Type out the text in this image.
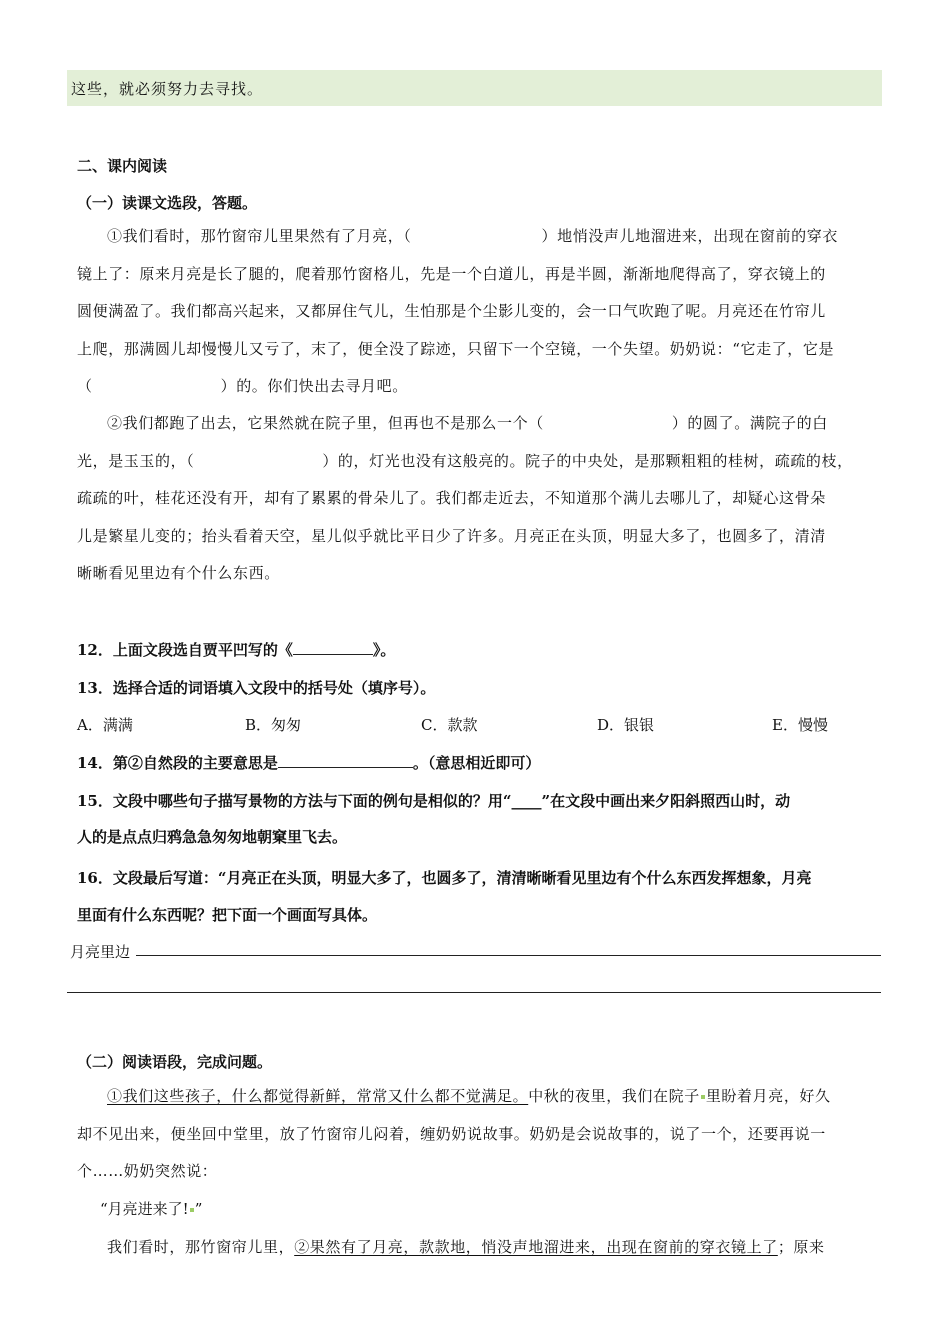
这些，就必须努力去寻找。
二、课内阅读
（一）读课文选段，答题。
①我们看时，那竹窗帘儿里果然有了月亮，（	）地悄没声儿地溜进来，出现在窗前的穿衣
镜上了：原来月亮是长了腿的，爬着那竹窗格儿，先是一个白道儿，再是半圆，渐渐地爬得高了，穿衣镜上的
圆便满盈了。我们都高兴起来，又都屏住气儿，生怕那是个尘影儿变的，会一口气吹跑了呢。月亮还在竹帘儿
上爬，那满圆儿却慢慢儿又亏了，末了，便全没了踪迹，只留下一个空镜，一个失望。奶奶说：“它走了，它是
（	）的。你们快出去寻月吧。
②我们都跑了出去，它果然就在院子里，但再也不是那么一个（	）的圆了。满院子的白
光，是玉玉的，（	）的，灯光也没有这般亮的。院子的中央处，是那颗粗粗的桂树，疏疏的枝，
疏疏的叶，桂花还没有开，却有了累累的骨朵儿了。我们都走近去，不知道那个满儿去哪儿了，却疑心这骨朵
儿是繁星儿变的；抬头看着天空，星儿似乎就比平日少了许多。月亮正在头顶，明显大多了，也圆多了，清清
晰晰看见里边有个什么东西。
12．上面文段选自贾平凹写的《	》。
13．选择合适的词语填入文段中的括号处（填序号）。
A．满满	B．匆匆	C．款款	D．银银	E．慢慢
14．第②自然段的主要意思是	。（意思相近即可）
15．文段中哪些句子描写景物的方法与下面的例句是相似的？用“____”在文段中画出来夕阳斜照西山时，动
人的是点点归鸦急急匆匆地朝窠里飞去。
16．文段最后写道：“月亮正在头顶，明显大多了，也圆多了，清清晰晰看见里边有个什么东西发挥想象，月亮
里面有什么东西呢？把下面一个画面写具体。
月亮里边
（二）阅读语段，完成问题。
①我们这些孩子，什么都觉得新鲜，常常又什么都不觉满足。中秋的夜里，我们在院子 里盼着月亮，好久
却不见出来，便坐回中堂里，放了竹窗帘儿闷着，缠奶奶说故事。奶奶是会说故事的，说了一个，还要再说一
个……奶奶突然说：
“月亮进来了! ”
我们看时，那竹窗帘儿里，②果然有了月亮，款款地，悄没声地溜进来，出现在窗前的穿衣镜上了；原来
